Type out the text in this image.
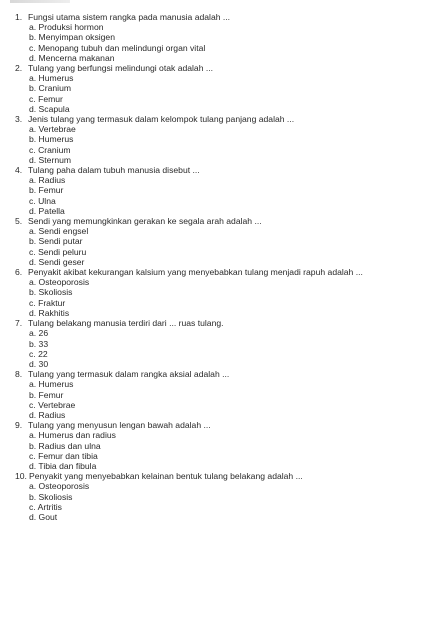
1. Fungsi utama sistem rangka pada manusia adalah ...
a. Produksi hormon
b. Menyimpan oksigen
c. Menopang tubuh dan melindungi organ vital
d. Mencerna makanan
2. Tulang yang berfungsi melindungi otak adalah ...
a. Humerus
b. Cranium
c. Femur
d. Scapula
3. Jenis tulang yang termasuk dalam kelompok tulang panjang adalah ...
a. Vertebrae
b. Humerus
c. Cranium
d. Sternum
4. Tulang paha dalam tubuh manusia disebut ...
a. Radius
b. Femur
c. Ulna
d. Patella
5. Sendi yang memungkinkan gerakan ke segala arah adalah ...
a. Sendi engsel
b. Sendi putar
c. Sendi peluru
d. Sendi geser
6. Penyakit akibat kekurangan kalsium yang menyebabkan tulang menjadi rapuh adalah ...
a. Osteoporosis
b. Skoliosis
c. Fraktur
d. Rakhitis
7. Tulang belakang manusia terdiri dari ... ruas tulang.
a. 26
b. 33
c. 22
d. 30
8. Tulang yang termasuk dalam rangka aksial adalah ...
a. Humerus
b. Femur
c. Vertebrae
d. Radius
9. Tulang yang menyusun lengan bawah adalah ...
a. Humerus dan radius
b. Radius dan ulna
c. Femur dan tibia
d. Tibia dan fibula
10. Penyakit yang menyebabkan kelainan bentuk tulang belakang adalah ...
a. Osteoporosis
b. Skoliosis
c. Artritis
d. Gout
